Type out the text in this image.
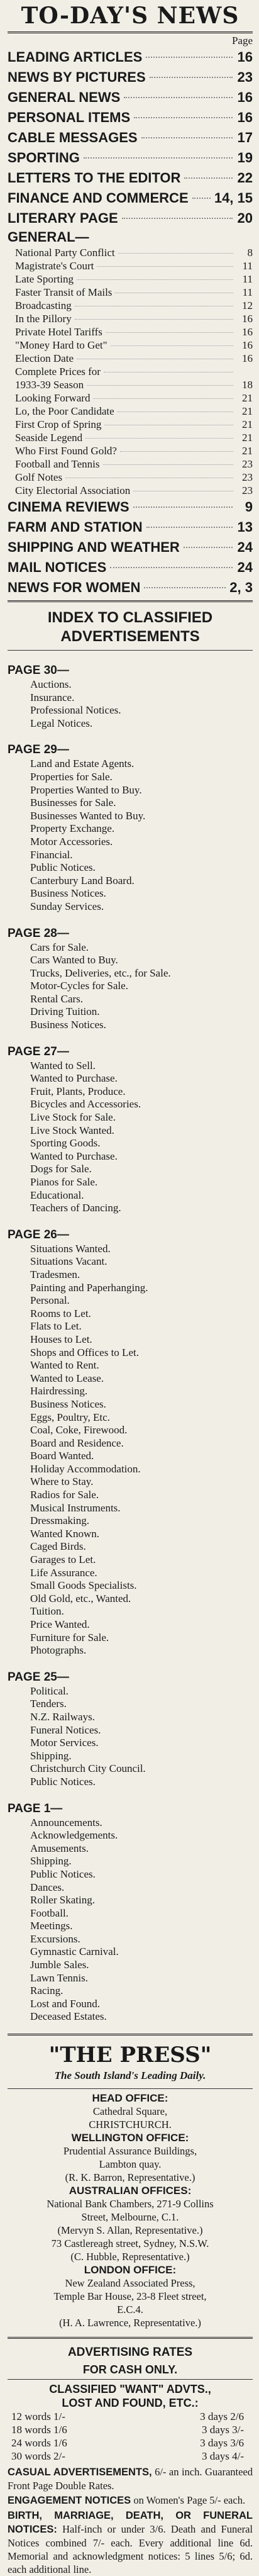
TO-DAY'S NEWS
Page
LEADING ARTICLES	16
NEWS BY PICTURES	23
GENERAL NEWS	16
PERSONAL ITEMS	16
CABLE MESSAGES	17
SPORTING	19
LETTERS TO THE EDITOR	22
FINANCE AND COMMERCE 14, 15
LITERARY PAGE	20
GENERAL—
National Party Conflict	8
Magistrate's Court	11
Late Sporting	11
Faster Transit of Mails	11
Broadcasting	12
In the Pillory	16
Private Hotel Tariffs	16
"Money Hard to Get"	16
Election Date	16
Complete Prices for
1933-39 Season	18
Looking Forward	21
Lo, the Poor Candidate	21
First Crop of Spring	21
Seaside Legend	21
Who First Found Gold?	21
Football and Tennis	23
Golf Notes	23
City Electorial Association	23
CINEMA REVIEWS	9
FARM AND STATION	13
SHIPPING AND WEATHER	24
MAIL NOTICES	24
NEWS FOR WOMEN	2, 3
INDEX TO CLASSIFIED ADVERTISEMENTS
PAGE 30—
Auctions.
Insurance.
Professional Notices.
Legal Notices.
PAGE 29—
Land and Estate Agents.
Properties for Sale.
Properties Wanted to Buy.
Businesses for Sale.
Businesses Wanted to Buy.
Property Exchange.
Motor Accessories.
Financial.
Public Notices.
Canterbury Land Board.
Business Notices.
Sunday Services.
PAGE 28—
Cars for Sale.
Cars Wanted to Buy.
Trucks, Deliveries, etc., for Sale.
Motor-Cycles for Sale.
Rental Cars.
Driving Tuition.
Business Notices.
PAGE 27—
Wanted to Sell.
Wanted to Purchase.
Fruit, Plants, Produce.
Bicycles and Accessories.
Live Stock for Sale.
Live Stock Wanted.
Sporting Goods.
Wanted to Purchase.
Dogs for Sale.
Pianos for Sale.
Educational.
Teachers of Dancing.
PAGE 26—
Situations Wanted.
Situations Vacant.
Tradesmen.
Painting and Paperhanging.
Personal.
Rooms to Let.
Flats to Let.
Houses to Let.
Shops and Offices to Let.
Wanted to Rent.
Wanted to Lease.
Hairdressing.
Business Notices.
Eggs, Poultry, Etc.
Coal, Coke, Firewood.
Board and Residence.
Board Wanted.
Holiday Accommodation.
Where to Stay.
Radios for Sale.
Musical Instruments.
Dressmaking.
Wanted Known.
Caged Birds.
Garages to Let.
Life Assurance.
Small Goods Specialists.
Old Gold, etc., Wanted.
Tuition.
Price Wanted.
Furniture for Sale.
Photographs.
PAGE 25—
Political.
Tenders.
N.Z. Railways.
Funeral Notices.
Motor Services.
Shipping.
Christchurch City Council.
Public Notices.
PAGE 1—
Announcements.
Acknowledgements.
Amusements.
Shipping.
Public Notices.
Dances.
Roller Skating.
Football.
Meetings.
Excursions.
Gymnastic Carnival.
Jumble Sales.
Lawn Tennis.
Racing.
Lost and Found.
Deceased Estates.
"THE PRESS"
The South Island's Leading Daily.
HEAD OFFICE:
Cathedral Square,
CHRISTCHURCH.
WELLINGTON OFFICE:
Prudential Assurance Buildings,
Lambton quay.
(R. K. Barron, Representative.)
AUSTRALIAN OFFICES:
National Bank Chambers, 271-9 Collins
Street, Melbourne, C.1.
(Mervyn S. Allan, Representative.)
73 Castlereagh street, Sydney, N.S.W.
(C. Hubble, Representative.)
LONDON OFFICE:
New Zealand Associated Press,
Temple Bar House, 23-8 Fleet street,
E.C.4.
(H. A. Lawrence, Representative.)
ADVERTISING RATES
FOR CASH ONLY.
CLASSIFIED "WANT" ADVTS.,
LOST AND FOUND, ETC.:
12 words 1/-	3 days 2/6
18 words 1/6	3 days 3/-
24 words 1/6	3 days 3/6
30 words 2/-	3 days 4/-

CASUAL ADVERTISEMENTS, 6/- an inch. Guaranteed Front Page Double Rates.

ENGAGEMENT NOTICES on Women's Page 5/- each.

BIRTH, MARRIAGE, DEATH, OR FUNERAL NOTICES: Half-inch or under 3/6. Death and Funeral Notices combined 7/- each. Every additional line 6d. Memorial and acknowledgment notices: 5 lines 5/6; 6d. each additional line.
